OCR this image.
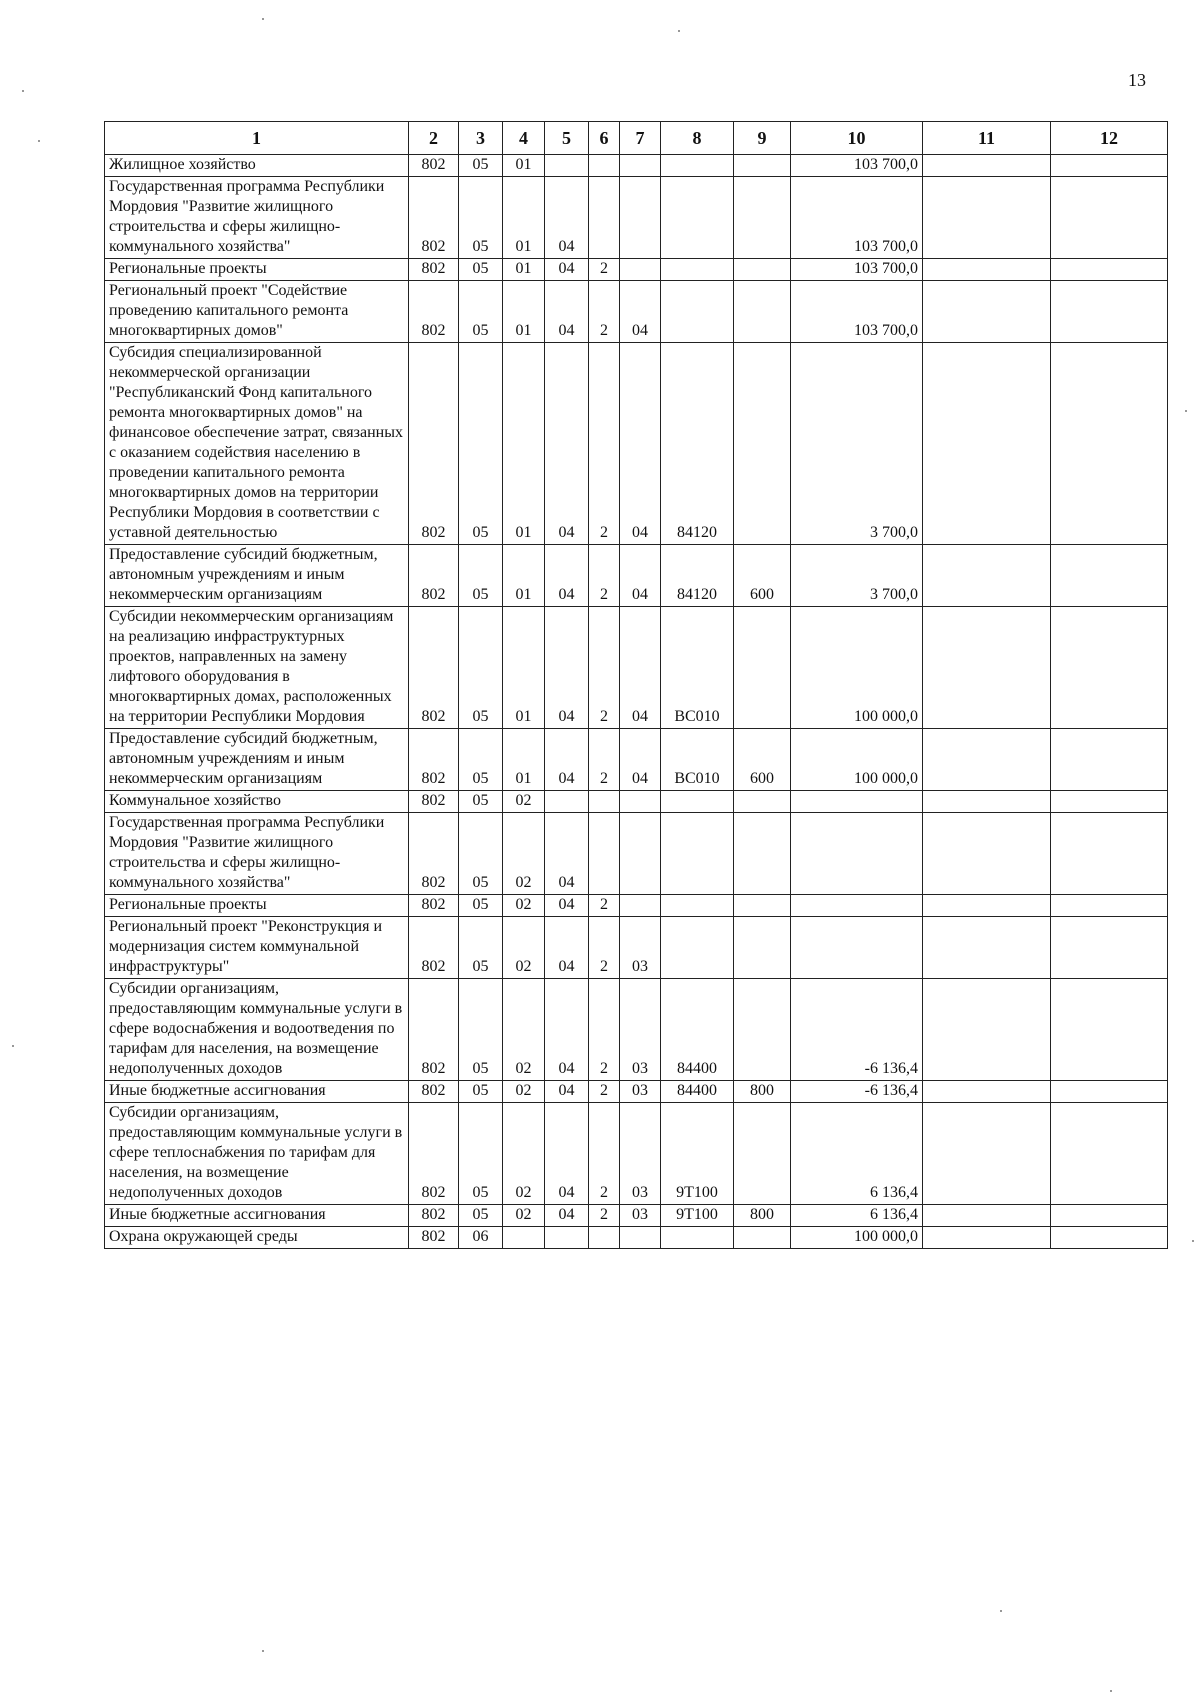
13
1	2	3	4	5	6	7	8	9	10	11	12
Жилищное хозяйство	802	05	01						103 700,0		
Государственная программа Республики Мордовия "Развитие жилищного строительства и сферы жилищно-коммунального хозяйства"	802	05	01	04					103 700,0		
Региональные проекты	802	05	01	04	2				103 700,0		
Региональный проект "Содействие проведению капитального ремонта многоквартирных домов"	802	05	01	04	2	04			103 700,0		
Субсидия специализированной некоммерческой организации "Республиканский Фонд капитального ремонта многоквартирных домов" на финансовое обеспечение затрат, связанных с оказанием содействия населению в проведении капитального ремонта многоквартирных домов на территории Республики Мордовия в соответствии с уставной деятельностью	802	05	01	04	2	04	84120		3 700,0		
Предоставление субсидий бюджетным, автономным учреждениям и иным некоммерческим организациям	802	05	01	04	2	04	84120	600	3 700,0		
Субсидии некоммерческим организациям на реализацию инфраструктурных проектов, направленных на замену лифтового оборудования в многоквартирных домах, расположенных на территории Республики Мордовия	802	05	01	04	2	04	ВС010		100 000,0		
Предоставление субсидий бюджетным, автономным учреждениям и иным некоммерческим организациям	802	05	01	04	2	04	ВС010	600	100 000,0		
Коммунальное хозяйство	802	05	02								
Государственная программа Республики Мордовия "Развитие жилищного строительства и сферы жилищно-коммунального хозяйства"	802	05	02	04							
Региональные проекты	802	05	02	04	2						
Региональный проект "Реконструкция и модернизация систем коммунальной инфраструктуры"	802	05	02	04	2	03					
Субсидии организациям, предоставляющим коммунальные услуги в сфере водоснабжения и водоотведения по тарифам для населения, на возмещение недополученных доходов	802	05	02	04	2	03	84400		-6 136,4		
Иные бюджетные ассигнования	802	05	02	04	2	03	84400	800	-6 136,4		
Субсидии организациям, предоставляющим коммунальные услуги в сфере теплоснабжения по тарифам для населения, на возмещение недополученных доходов	802	05	02	04	2	03	9Т100		6 136,4		
Иные бюджетные ассигнования	802	05	02	04	2	03	9Т100	800	6 136,4		
Охрана окружающей среды	802	06							100 000,0		
